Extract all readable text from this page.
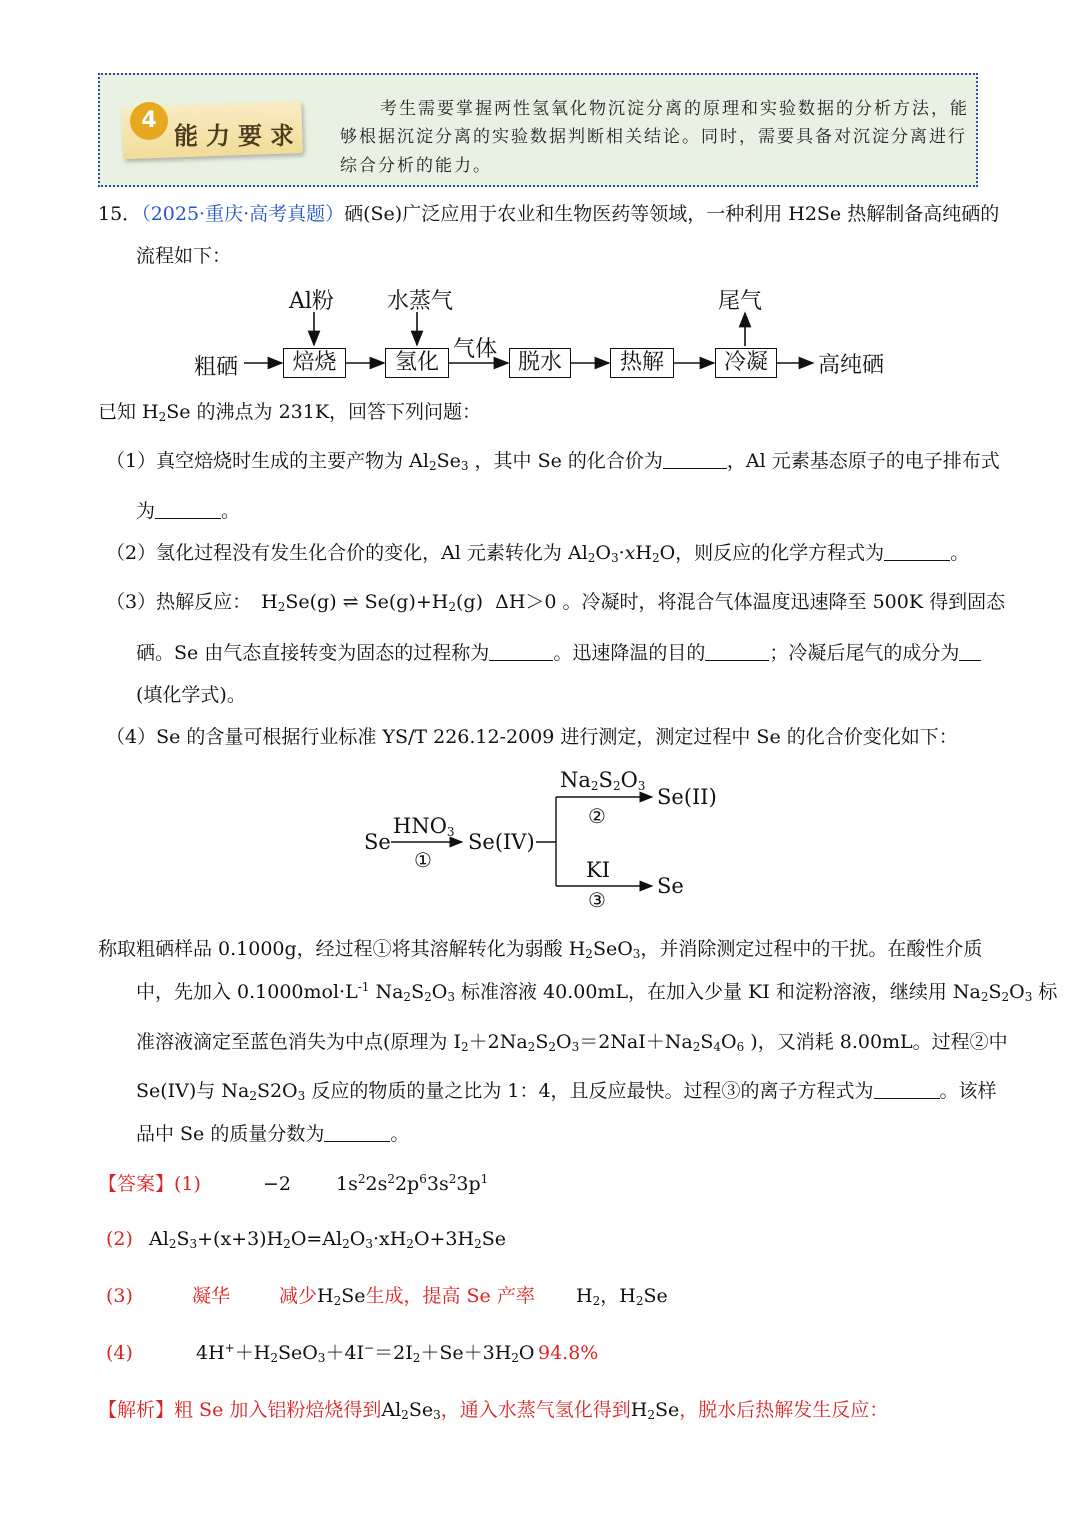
4
能力要求
考生需要掌握两性氢氧化物沉淀分离的原理和实验数据的分析方法，能
够根据沉淀分离的实验数据判断相关结论。同时，需要具备对沉淀分离进行
综合分析的能力。
15．（2025·重庆·高考真题）硒(Se)广泛应用于农业和生物医药等领域，一种利用 H2Se 热解制备高纯硒的
流程如下：
粗硒	焙烧	氢化	脱水	热解	冷凝	高纯硒
Al粉 水蒸气
气体
尾气
已知 $H_2Se$ 的沸点为 231K，回答下列问题：
（1）真空焙烧时生成的主要产物为 $Al_2Se_3$ ，其中 Se 的化合价为	，Al 元素基态原子的电子排布式
为	。
（2）氢化过程没有发生化合价的变化，Al 元素转化为 $Al_2O_3\cdot xH_2O$，则反应的化学方程式为	。
（3）热解反应： $H_2Se(g)$ ⇌ $Se(g)+H_2(g)$ ΔH＞0 。冷凝时，将混合气体温度迅速降至 500K 得到固态
硒。Se 由气态直接转变为固态的过程称为	。迅速降温的目的	；冷凝后尾气的成分为
(填化学式)。
（4）Se 的含量可根据行业标准 YS/T 226.12-2009 进行测定，测定过程中 Se 的化合价变化如下：
Se
$HNO_3$
①
Se(IV)
$Na_2S_2O_3$
②
Se(II)
KI
③
Se
称取粗硒样品 0.1000g，经过程①将其溶解转化为弱酸 $H_2SeO_3$，并消除测定过程中的干扰。在酸性介质
中，先加入 $0.1000mol\cdot L^{-1}$ $Na_2S_2O_3$ 标准溶液 40.00mL，在加入少量 KI 和淀粉溶液，继续用 $Na_2S_2O_3$ 标
准溶液滴定至蓝色消失为中点(原理为 $I_2+2Na_2S_2O_3=2NaI+Na_2S_4O_6$ )，又消耗 8.00mL。过程②中
Se(IV)与 $Na_2S2O_3$ 反应的物质的量之比为 1：4，且反应最快。过程③的离子方程式为	。该样
品中 Se 的质量分数为	。
【答案】(1)	−2 $1s^22s^22p^63s^23p^1$
(2) $Al_2S_3+(x+3)H_2O=Al_2O_3\cdot xH_2O+3H_2Se$
(3)	凝华	减少$H_2Se$生成，提高 Se 产率 $H_2$，$H_2Se$
(4)	$4H^++H_2SeO_3+4I^-=2I_2+Se+3H_2O$ 94.8%
【解析】粗 Se 加入铝粉焙烧得到$Al_2Se_3$，通入水蒸气氢化得到$H_2Se$，脱水后热解发生反应：
